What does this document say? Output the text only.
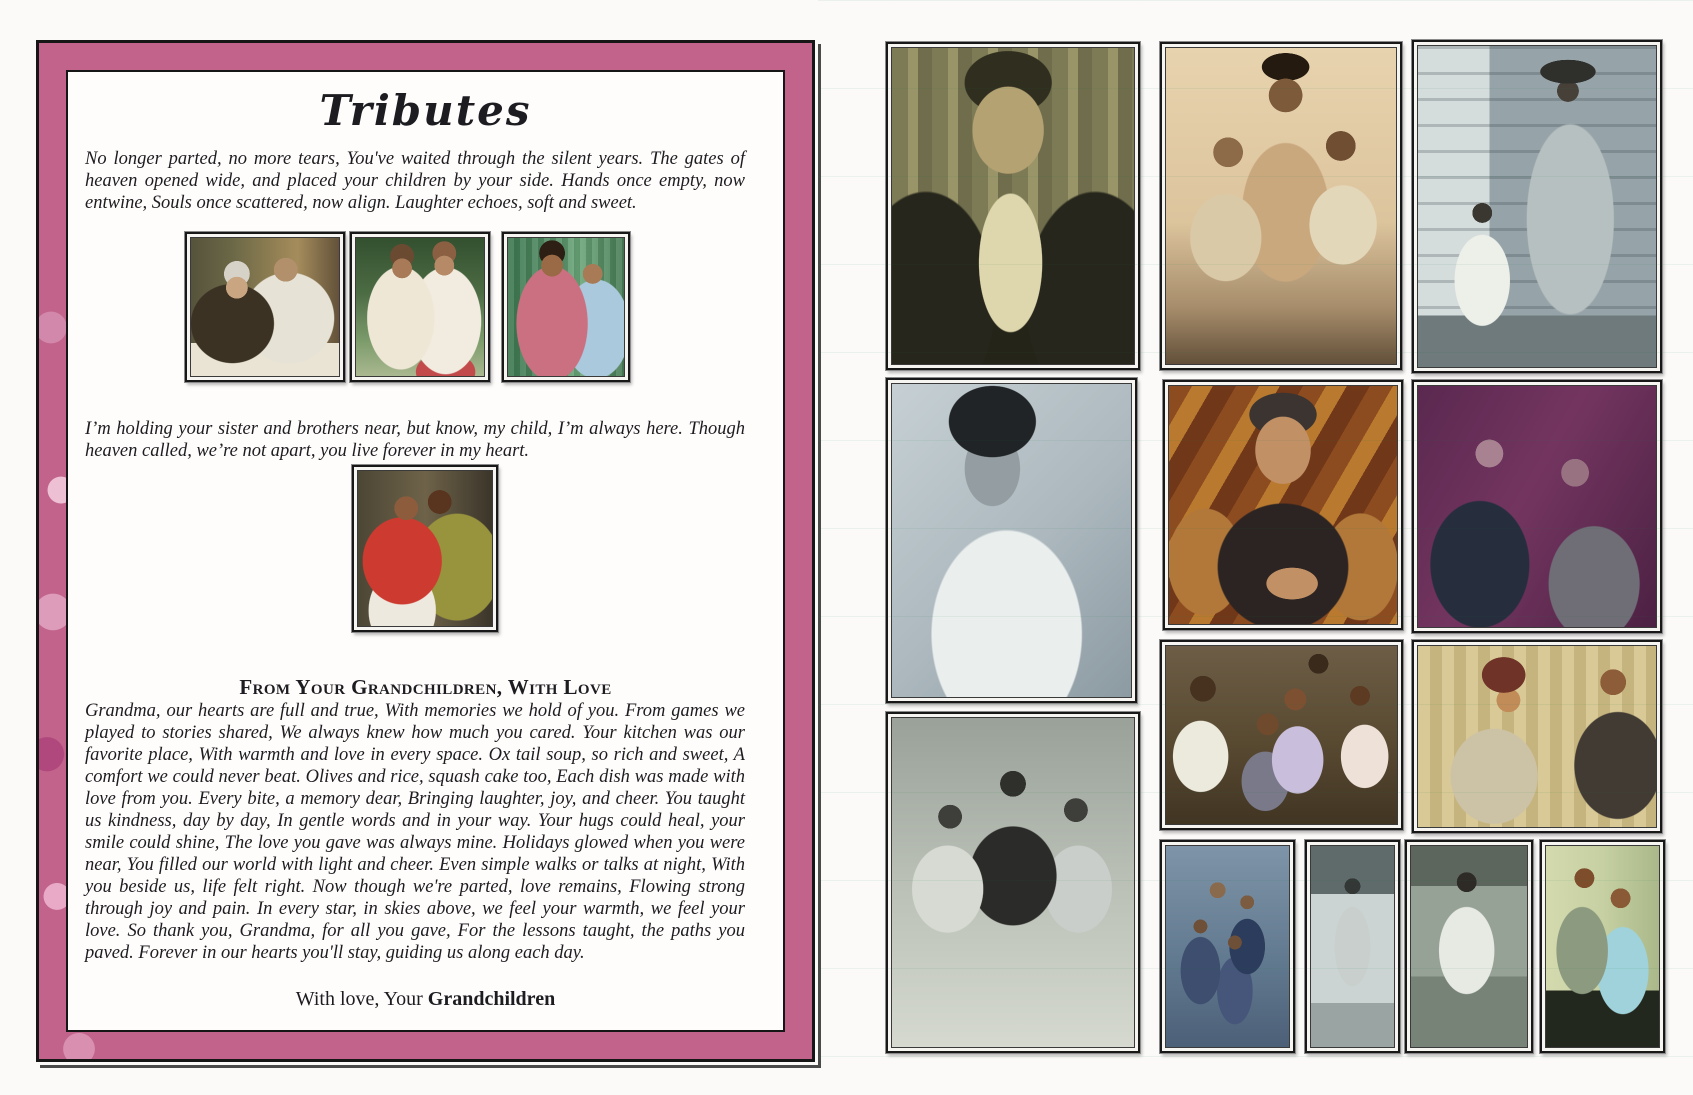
Tributes

No longer parted, no more tears, You've waited through the silent years. The gates of heaven opened wide, and placed your children by your side. Hands once empty, now entwine, Souls once scattered, now align. Laughter echoes, soft and sweet.

I’m holding your sister and brothers near, but know, my child, I’m always here. Though heaven called, we’re not apart, you live forever in my heart.

From Your Grandchildren, With Love

Grandma, our hearts are full and true, With memories we hold of you. From games we played to stories shared, We always knew how much you cared. Your kitchen was our favorite place, With warmth and love in every space. Ox tail soup, so rich and sweet, A comfort we could never beat. Olives and rice, squash cake too, Each dish was made with love from you. Every bite, a memory dear, Bringing laughter, joy, and cheer. You taught us kindness, day by day, In gentle words and in your way. Your hugs could heal, your smile could shine, The love you gave was always mine. Holidays glowed when you were near, You filled our world with light and cheer. Even simple walks or talks at night, With you beside us, life felt right. Now though we're parted, love remains, Flowing strong through joy and pain. In every star, in skies above, we feel your warmth, we feel your love. So thank you, Grandma, for all you gave, For the lessons taught, the paths you paved. Forever in our hearts you'll stay, guiding us along each day.

With love, Your Grandchildren
